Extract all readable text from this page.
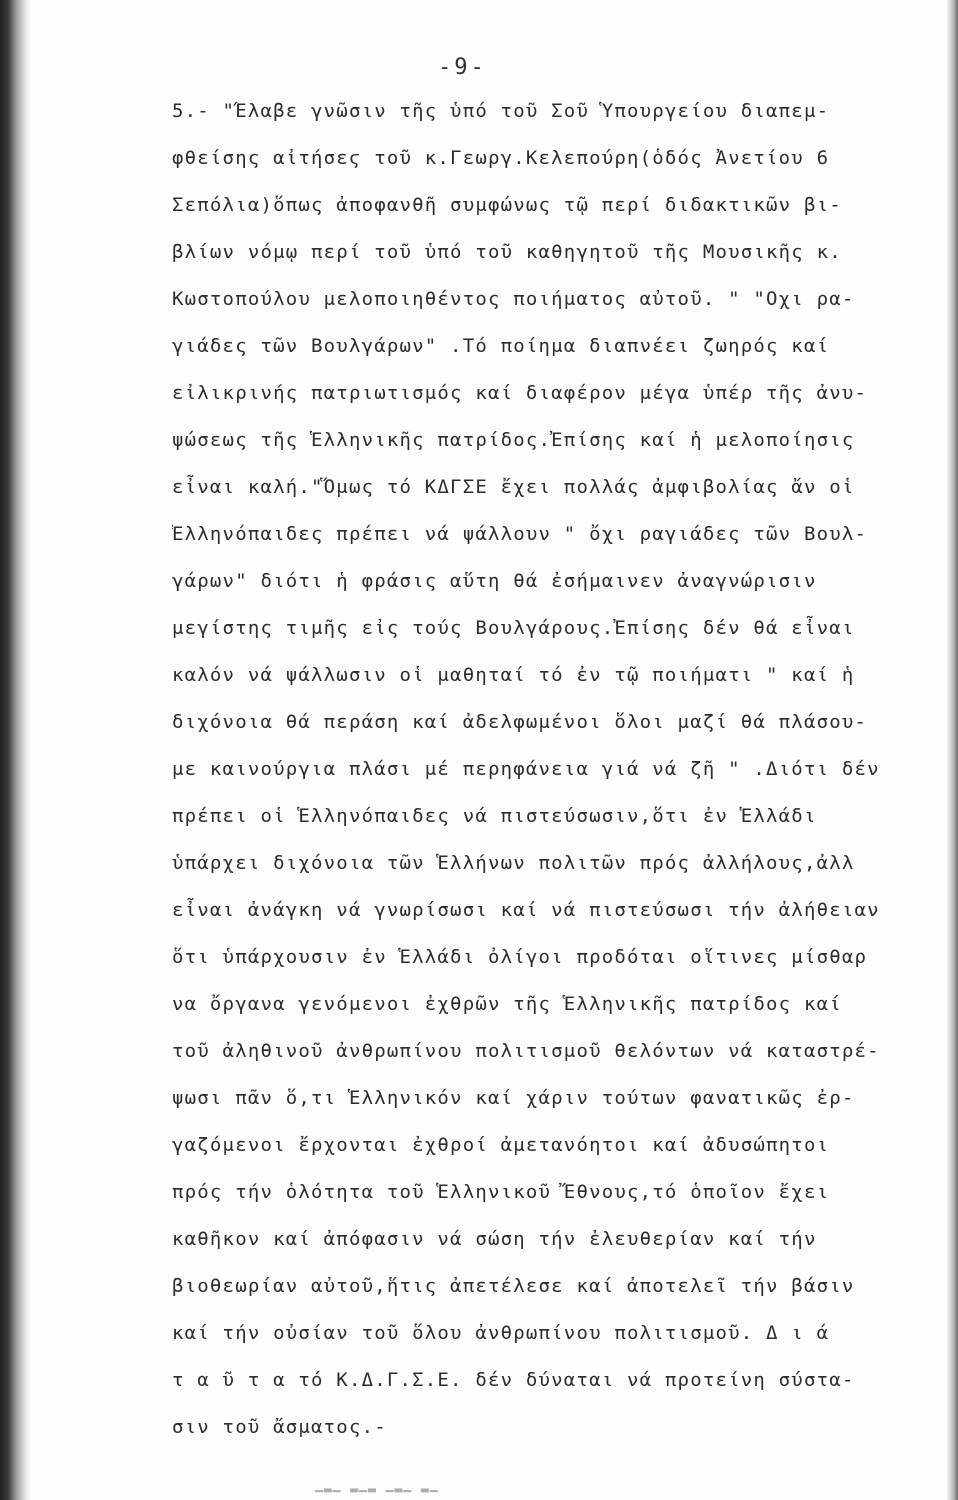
-9-
5.- "Έλαβε γνῶσιν τῆς ὑπό τοῦ Σοῦ Ὑπουργείου διαπεμ-
φθείσης αἰτήσεϛ τοῦ κ.Γεωργ.Κελεπούρη(ὁδός Ἀνετίου 6
Σεπόλια)ὅπως ἀποφανθῆ συμφώνως τῷ περί διδακτικῶν βι-
βλίων νόμῳ περί τοῦ ὑπό τοῦ καθηγητοῦ τῆς Μουσικῆς κ.
Κωστοπούλου μελοποιηθέντος ποιήματος αὐτοῦ. " "Οχι ρα-
γιάδες τῶν Βουλγάρων" .Τό ποίημα διαπνέει ζωηρός καί
εἰλικρινής πατριωτισμός καί διαφέρον μέγα ὑπέρ τῆς ἀνυ-
ψώσεως τῆς Ἑλληνικῆς πατρίδος.Ἐπίσης καί ἡ μελοποίησις
εἶναι καλή."Ὅμως τό ΚΔΓΣΕ ἔχει πολλάς ἀμφιβολίας ἄν οἱ
Ἑλληνόπαιδες πρέπει νά ψάλλουν " ὄχι ραγιάδες τῶν Βουλ-
γάρων" διότι ἡ φράσις αὕτη θά ἐσήμαινεν ἀναγνώρισιν
μεγίστης τιμῆς εἰς τούς Βουλγάρους.Ἐπίσης δέν θά εἶναι
καλόν νά ψάλλωσιν οἱ μαθηταί τό ἐν τῷ ποιήματι " καί ἡ
διχόνοια θά περάση καί ἀδελφωμένοι ὅλοι μαζί θά πλάσου-
με καινούργια πλάσι μέ περηφάνεια γιά νά ζῆ " .Διότι δέν
πρέπει οἱ Ἑλληνόπαιδες νά πιστεύσωσιν,ὅτι ἐν Ἑλλάδι
ὑπάρχει διχόνοια τῶν Ἑλλήνων πολιτῶν πρός ἀλλήλους,ἀλλ
εἶναι ἀνάγκη νά γνωρίσωσι καί νά πιστεύσωσι τήν ἀλήθειαν
ὅτι ὑπάρχουσιν ἐν Ἑλλάδι ὀλίγοι προδόται οἵτινες μίσθαρ
να ὄργανα γενόμενοι ἐχθρῶν τῆς Ἑλληνικῆς πατρίδος καί
τοῦ ἀληθινοῦ ἀνθρωπίνου πολιτισμοῦ θελόντων νά καταστρέ-
ψωσι πᾶν ὅ,τι Ἑλληνικόν καί χάριν τούτων φανατικῶς ἐρ-
γαζόμενοι ἔρχονται ἐχθροί ἀμετανόητοι καί ἀδυσώπητοι
πρός τήν ὁλότητα τοῦ Ἑλληνικοῦ Ἔθνους,τό ὁποῖον ἔχει
καθῆκον καί ἀπόφασιν νά σώση τήν ἐλευθερίαν καί τήν
βιοθεωρίαν αὐτοῦ,ἥτις ἀπετέλεσε καί ἀποτελεῖ τήν βάσιν
καί τήν οὐσίαν τοῦ ὅλου ἀνθρωπίνου πολιτισμοῦ. Δ ι ά
τ α ῦ τ α τό Κ.Δ.Γ.Σ.Ε. δέν δύναται νά προτείνη σύστα-
σιν τοῦ ἄσματος.-
▁▂▁ ▂▁▂ ▁▂▁ ▂▁
